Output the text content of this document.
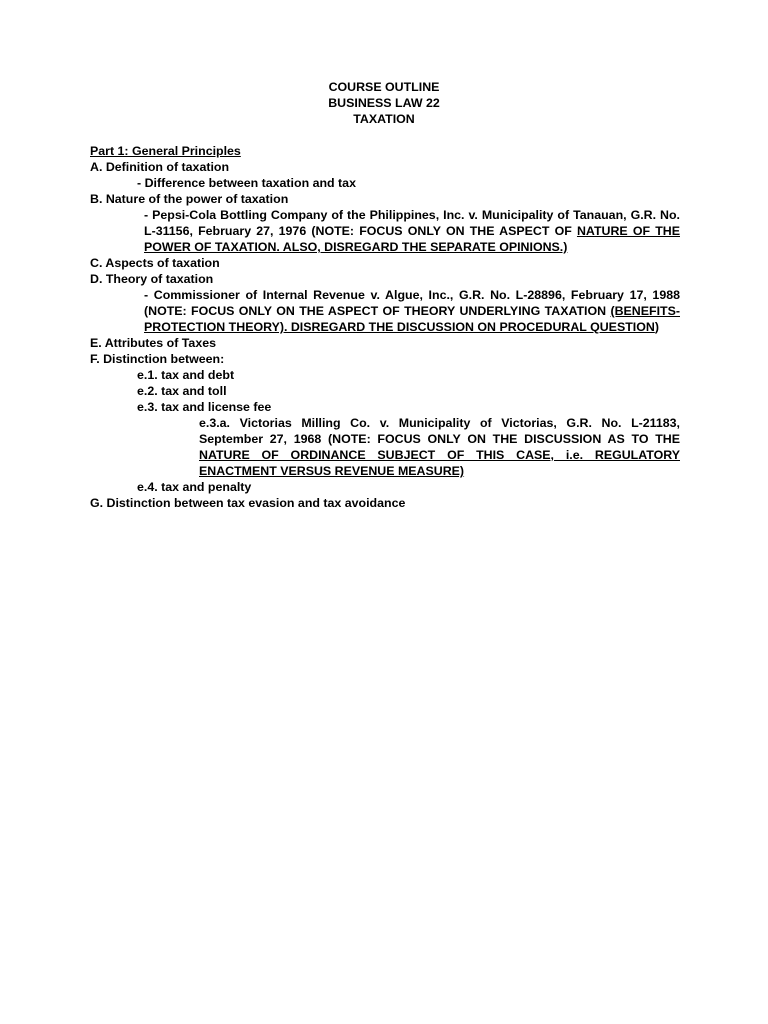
COURSE OUTLINE
BUSINESS LAW 22
TAXATION
Part 1: General Principles
A. Definition of taxation
- Difference between taxation and tax
B. Nature of the power of taxation
- Pepsi-Cola Bottling Company of the Philippines, Inc. v. Municipality of Tanauan, G.R. No. L-31156, February 27, 1976 (NOTE: FOCUS ONLY ON THE ASPECT OF NATURE OF THE POWER OF TAXATION. ALSO, DISREGARD THE SEPARATE OPINIONS.)
C. Aspects of taxation
D. Theory of taxation
- Commissioner of Internal Revenue v. Algue, Inc., G.R. No. L-28896, February 17, 1988 (NOTE: FOCUS ONLY ON THE ASPECT OF THEORY UNDERLYING TAXATION (BENEFITS-PROTECTION THEORY). DISREGARD THE DISCUSSION ON PROCEDURAL QUESTION)
E. Attributes of Taxes
F. Distinction between:
e.1. tax and debt
e.2. tax and toll
e.3. tax and license fee
e.3.a. Victorias Milling Co. v. Municipality of Victorias, G.R. No. L-21183, September 27, 1968 (NOTE: FOCUS ONLY ON THE DISCUSSION AS TO THE NATURE OF ORDINANCE SUBJECT OF THIS CASE, i.e. REGULATORY ENACTMENT VERSUS REVENUE MEASURE)
e.4. tax and penalty
G. Distinction between tax evasion and tax avoidance
